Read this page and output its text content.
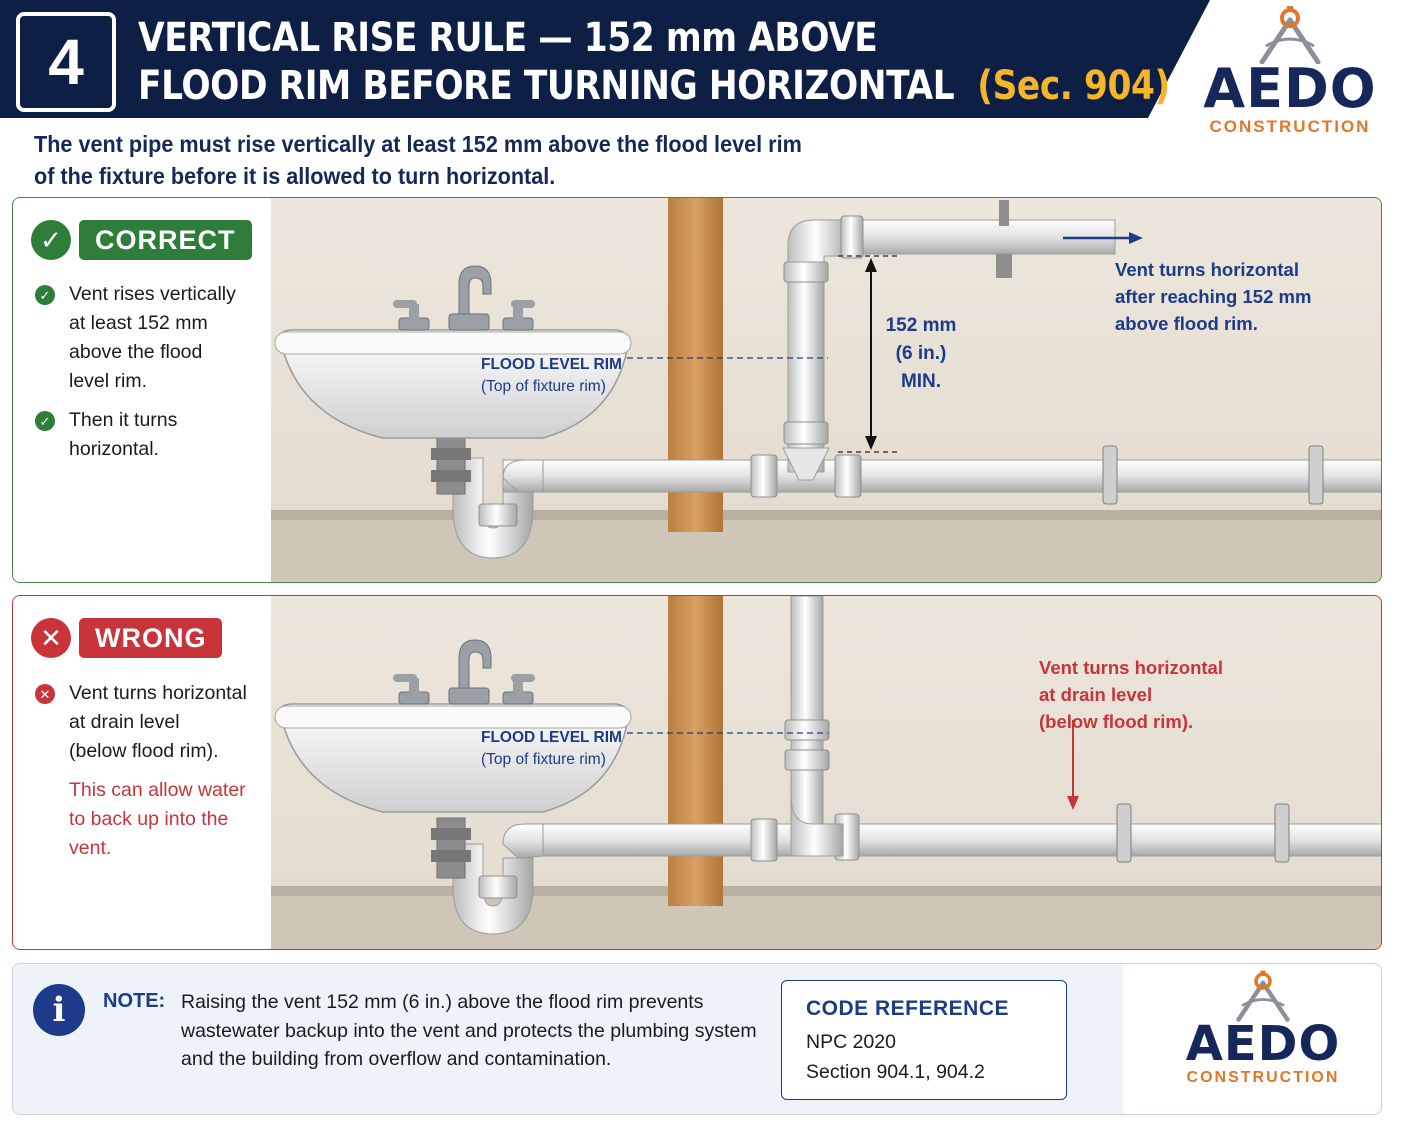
4	VERTICAL RISE RULE — 152 mm ABOVE
FLOOD RIM BEFORE TURNING HORIZONTAL (Sec. 904) AEDO
CONSTRUCTION
The vent pipe must rise vertically at least 152 mm above the flood level rim
of the fixture before it is allowed to turn horizontal.
✓	CORRECT
✓ Vent rises vertically
at least 152 mm
above the flood
level rim.
✓ Then it turns
horizontal.
FLOOD LEVEL RIM
(Top of fixture rim)
152 mm
(6 in.)
MIN.
Vent turns horizontal
after reaching 152 mm
above flood rim.
✕	WRONG
✕ Vent turns horizontal
at drain level
(below flood rim).
This can allow water
to back up into the
vent.
FLOOD LEVEL RIM
(Top of fixture rim)
Vent turns horizontal
at drain level
(below flood rim).
i	NOTE: Raising the vent 152 mm (6 in.) above the flood rim prevents
wastewater backup into the vent and protects the plumbing system
and the building from overflow and contamination.
CODE REFERENCE
NPC 2020
Section 904.1, 904.2	AEDO
CONSTRUCTION
